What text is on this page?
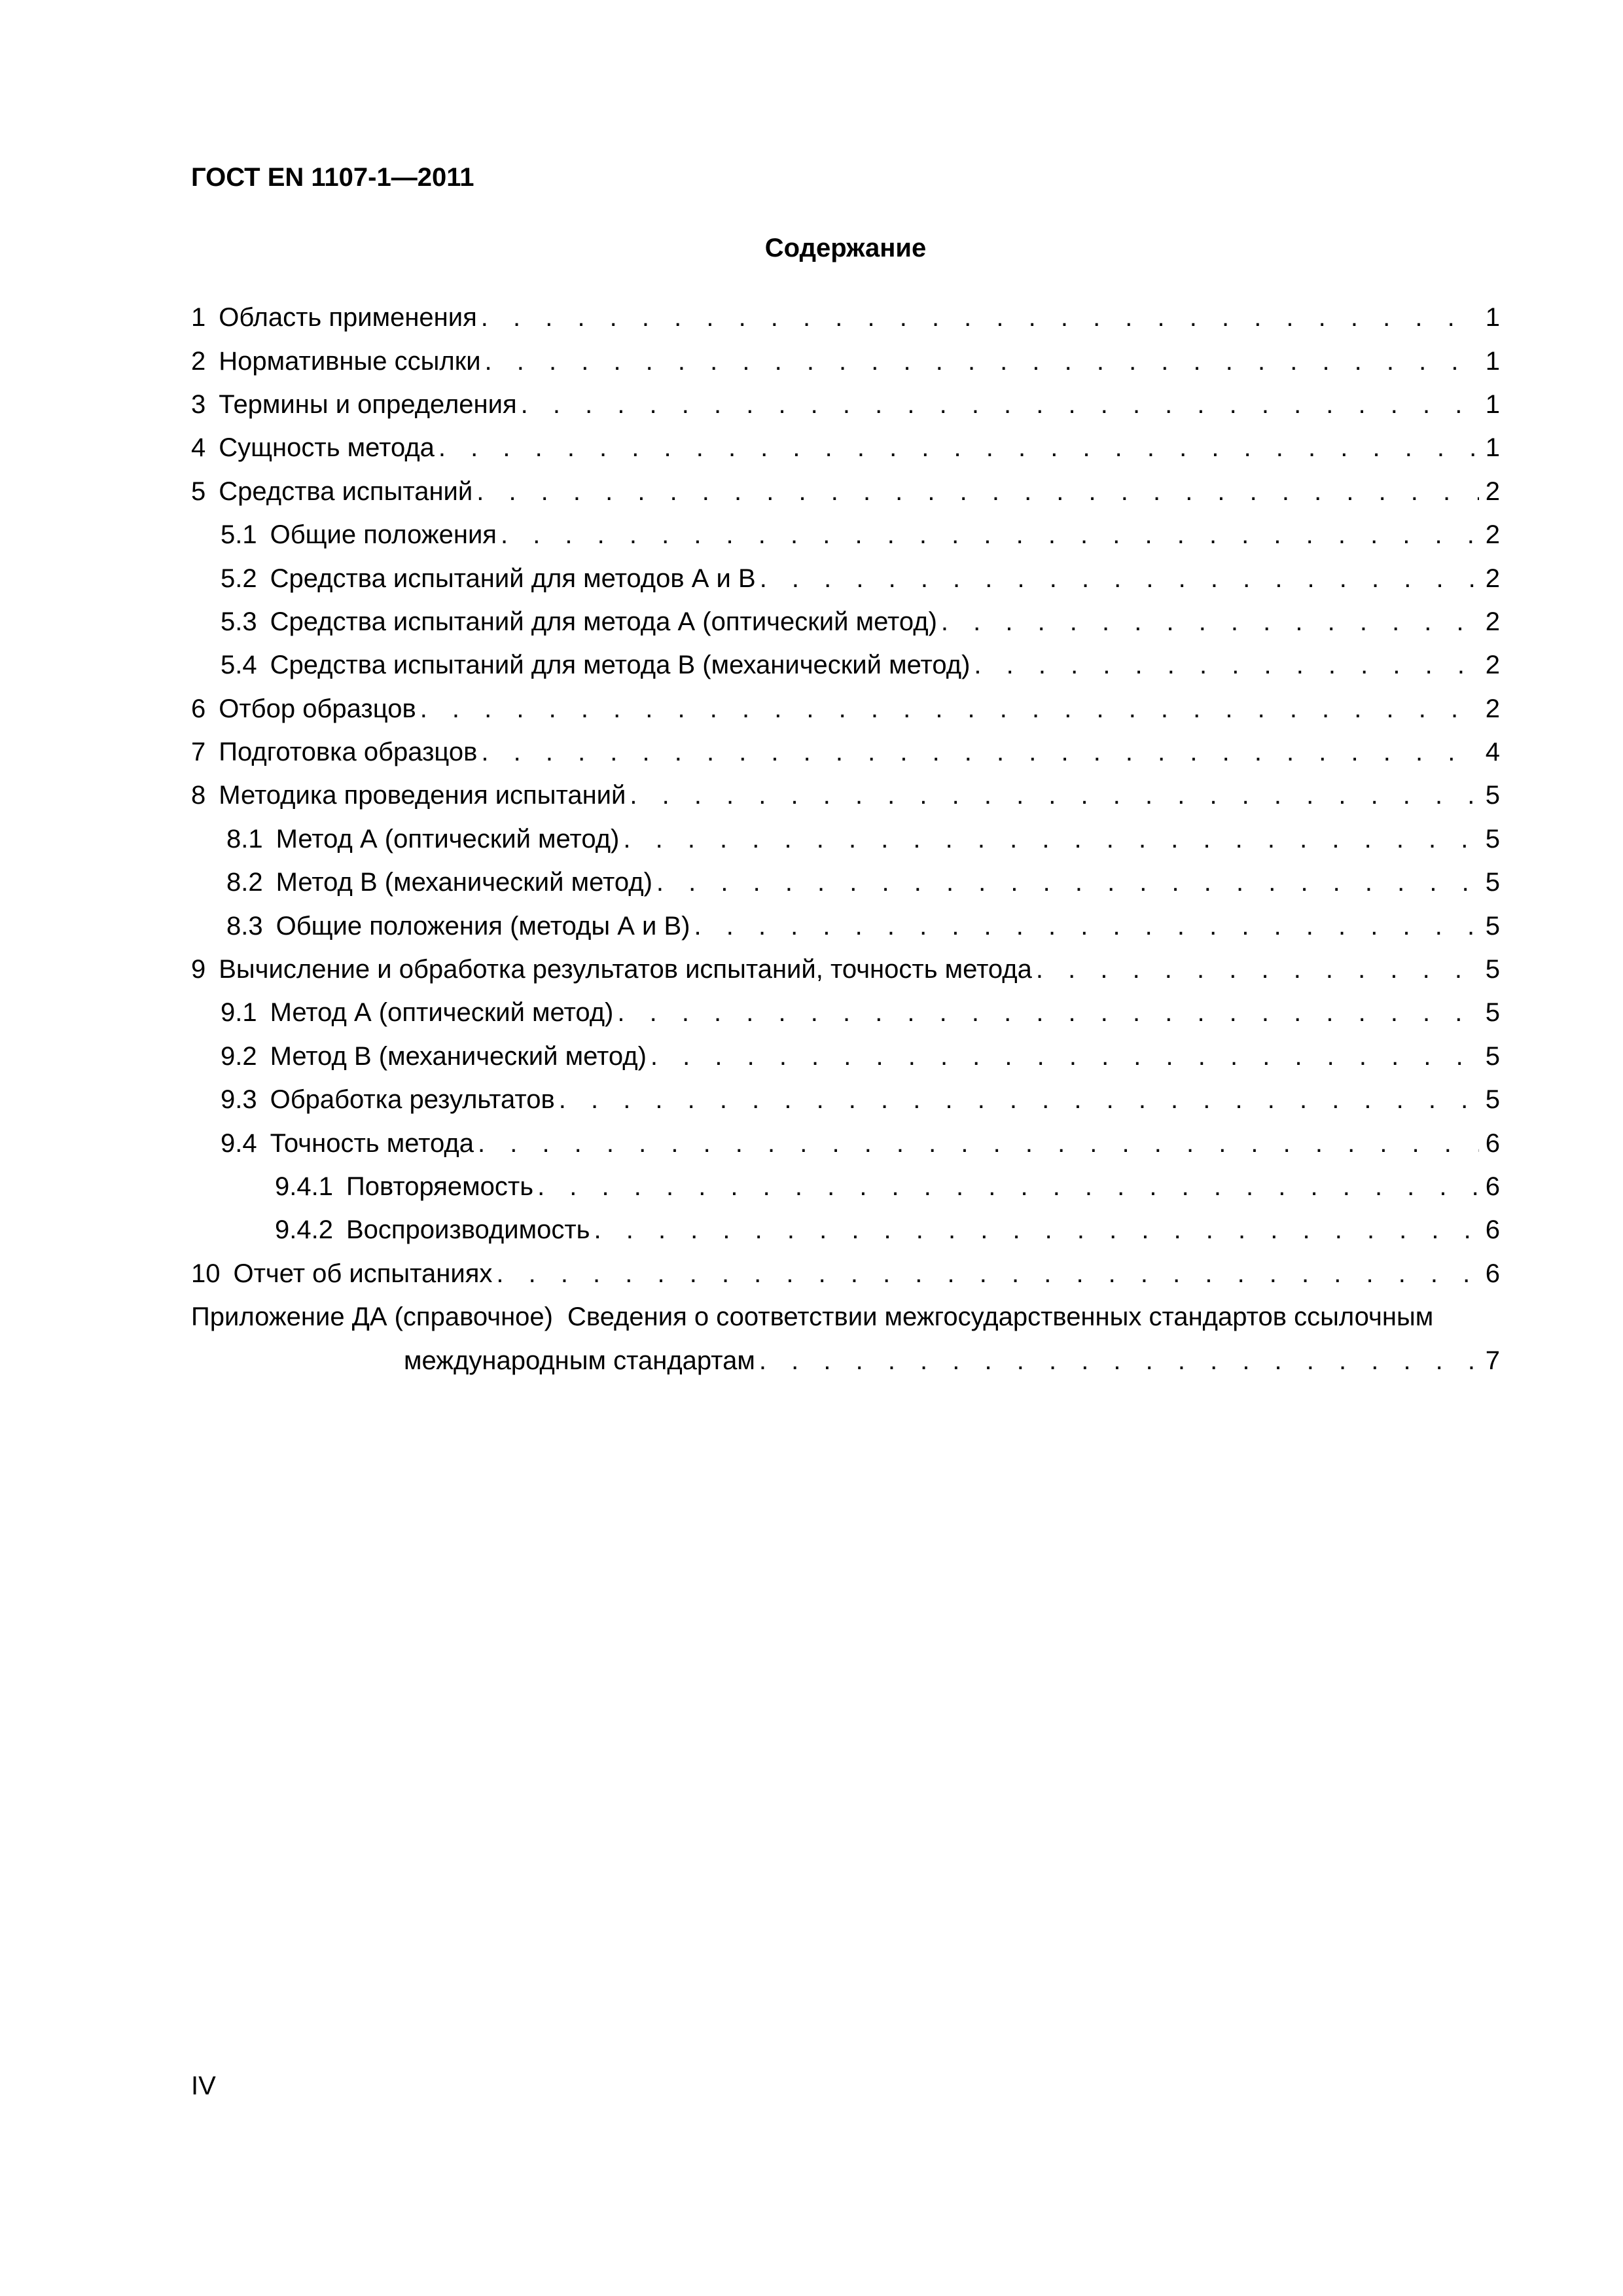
ГОСТ EN 1107-1—2011
Содержание
1 Область применения . . .	1
2 Нормативные ссылки . . .	1
3 Термины и определения . . .	1
4 Сущность метода . . .	1
5 Средства испытаний . . .	2
5.1 Общие положения . . .	2
5.2 Средства испытаний для методов А и В . . .	2
5.3 Средства испытаний для метода А (оптический метод) . . .	2
5.4 Средства испытаний для метода В (механический метод) . . .	2
6 Отбор образцов . . .	2
7 Подготовка образцов . . .	4
8 Методика проведения испытаний . . .	5
8.1 Метод А (оптический метод) . . .	5
8.2 Метод В (механический метод) . . .	5
8.3 Общие положения (методы А и В) . . .	5
9 Вычисление и обработка результатов испытаний, точность метода . . .	5
9.1 Метод А (оптический метод) . . .	5
9.2 Метод В (механический метод) . . .	5
9.3 Обработка результатов . . .	5
9.4 Точность метода . . .	6
9.4.1 Повторяемость . . .	6
9.4.2 Воспроизводимость . . .	6
10 Отчет об испытаниях . . .	6
Приложение ДА (справочное) Сведения о соответствии межгосударственных стандартов ссылочным
международным стандартам . . .	7
IV
